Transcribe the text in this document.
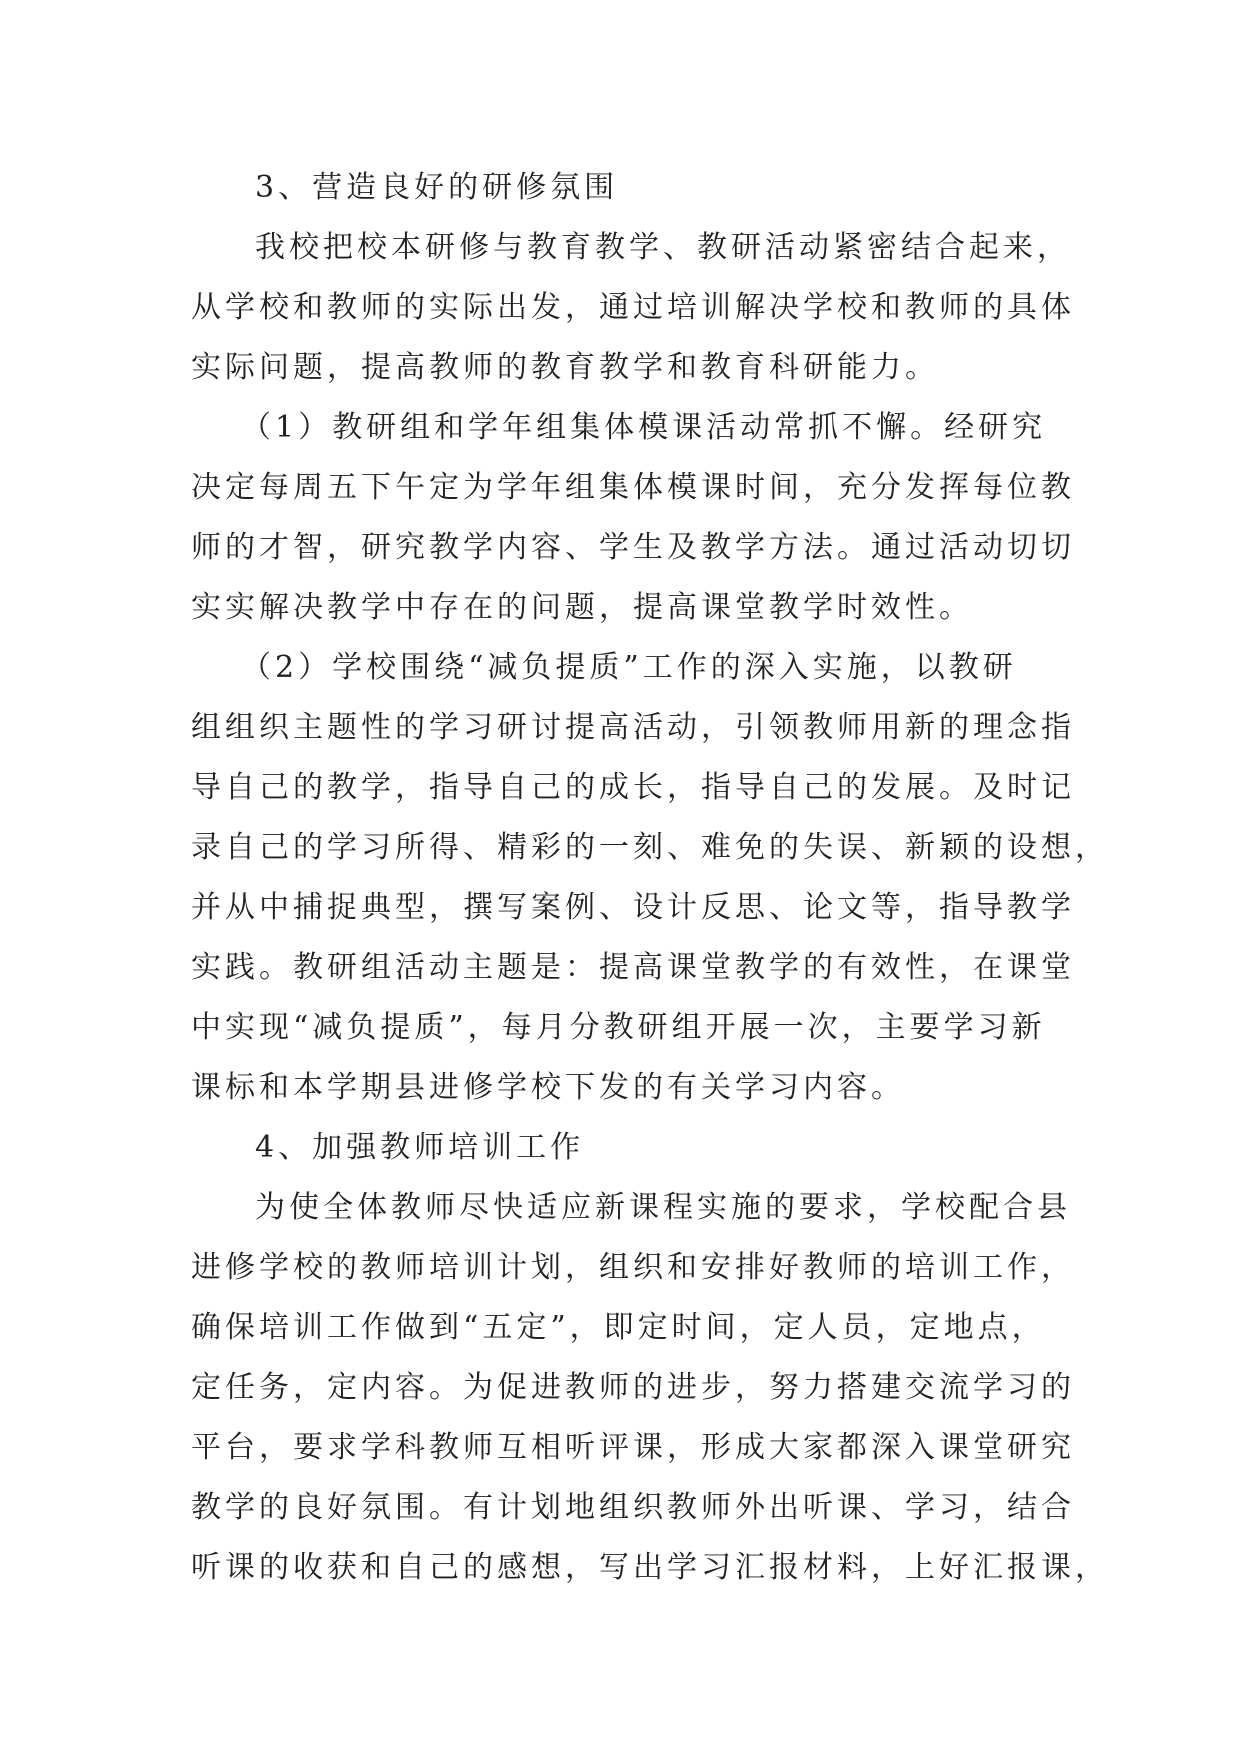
3、营造良好的研修氛围
我校把校本研修与教育教学、教研活动紧密结合起来，
从学校和教师的实际出发，通过培训解决学校和教师的具体
实际问题，提高教师的教育教学和教育科研能力。
（1）教研组和学年组集体模课活动常抓不懈。经研究
决定每周五下午定为学年组集体模课时间，充分发挥每位教
师的才智，研究教学内容、学生及教学方法。通过活动切切
实实解决教学中存在的问题，提高课堂教学时效性。
（2）学校围绕“减负提质”工作的深入实施，以教研
组组织主题性的学习研讨提高活动，引领教师用新的理念指
导自己的教学，指导自己的成长，指导自己的发展。及时记
录自己的学习所得、精彩的一刻、难免的失误、新颖的设想，
并从中捕捉典型，撰写案例、设计反思、论文等，指导教学
实践。教研组活动主题是：提高课堂教学的有效性，在课堂
中实现“减负提质”，每月分教研组开展一次，主要学习新
课标和本学期县进修学校下发的有关学习内容。
4、加强教师培训工作
为使全体教师尽快适应新课程实施的要求，学校配合县
进修学校的教师培训计划，组织和安排好教师的培训工作，
确保培训工作做到“五定”，即定时间，定人员，定地点，
定任务，定内容。为促进教师的进步，努力搭建交流学习的
平台，要求学科教师互相听评课，形成大家都深入课堂研究
教学的良好氛围。有计划地组织教师外出听课、学习，结合
听课的收获和自己的感想，写出学习汇报材料，上好汇报课，
